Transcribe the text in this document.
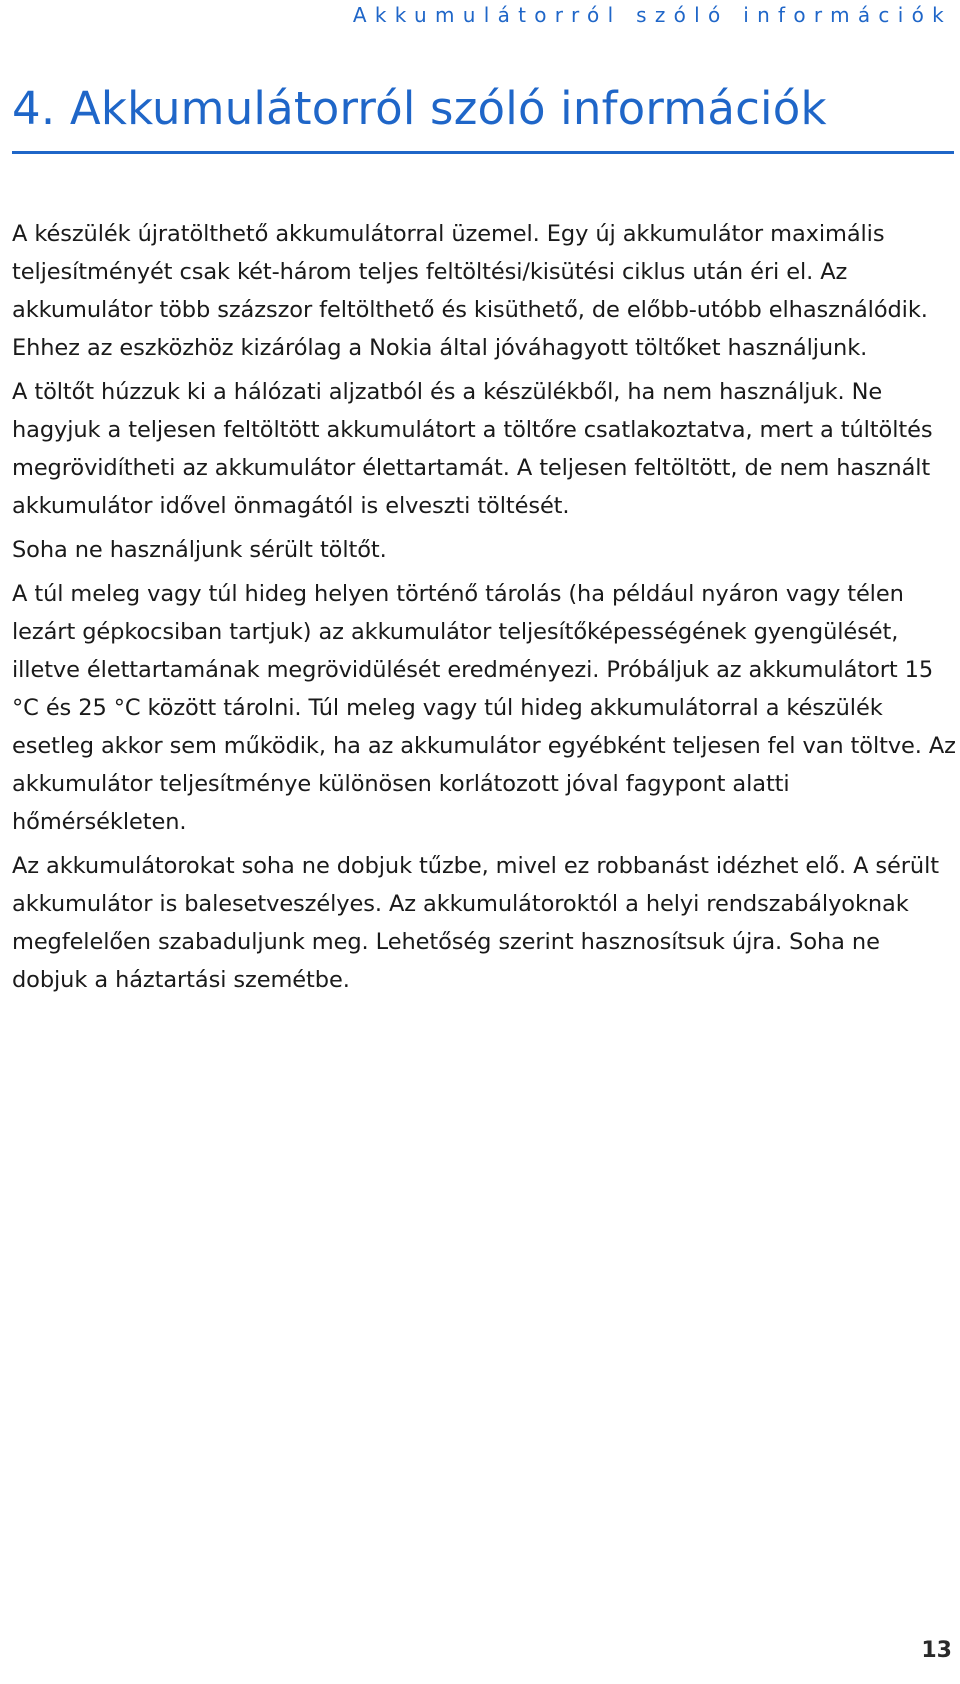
Akkumulátorról szóló információk
4. Akkumulátorról szóló információk

A készülék újratölthető akkumulátorral üzemel. Egy új akkumulátor maximális teljesítményét csak két-három teljes feltöltési/kisütési ciklus után éri el. Az akkumulátor több százszor feltölthető és kisüthető, de előbb-utóbb elhasználódik. Ehhez az eszközhöz kizárólag a Nokia által jóváhagyott töltőket használjunk.

A töltőt húzzuk ki a hálózati aljzatból és a készülékből, ha nem használjuk. Ne hagyjuk a teljesen feltöltött akkumulátort a töltőre csatlakoztatva, mert a túltöltés megrövidítheti az akkumulátor élettartamát. A teljesen feltöltött, de nem használt akkumulátor idővel önmagától is elveszti töltését.

Soha ne használjunk sérült töltőt.

A túl meleg vagy túl hideg helyen történő tárolás (ha például nyáron vagy télen lezárt gépkocsiban tartjuk) az akkumulátor teljesítőképességének gyengülését, illetve élettartamának megrövidülését eredményezi. Próbáljuk az akkumulátort 15 °C és 25 °C között tárolni. Túl meleg vagy túl hideg akkumulátorral a készülék esetleg akkor sem működik, ha az akkumulátor egyébként teljesen fel van töltve. Az akkumulátor teljesítménye különösen korlátozott jóval fagypont alatti hőmérsékleten.

Az akkumulátorokat soha ne dobjuk tűzbe, mivel ez robbanást idézhet elő. A sérült akkumulátor is balesetveszélyes. Az akkumulátoroktól a helyi rendszabályoknak megfelelően szabaduljunk meg. Lehetőség szerint hasznosítsuk újra. Soha ne dobjuk a háztartási szemétbe.

13
